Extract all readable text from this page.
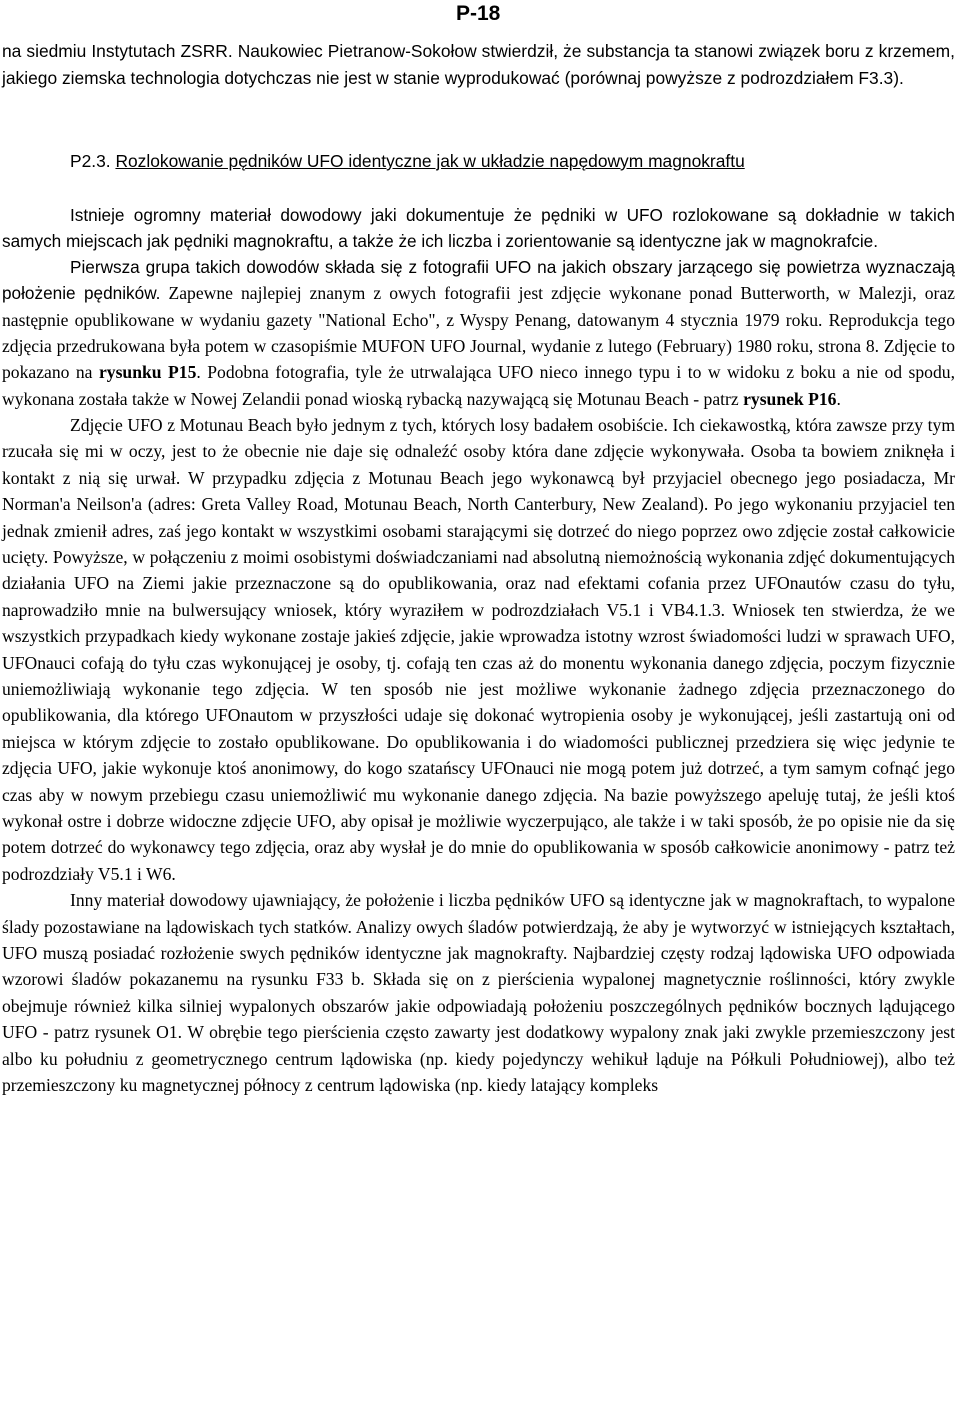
P-18
na siedmiu Instytutach ZSRR. Naukowiec Pietranow-Sokołow stwierdził, że substancja ta stanowi związek boru z krzemem, jakiego ziemska technologia dotychczas nie jest w stanie wyprodukować (porównaj powyższe z podrozdziałem F3.3).
P2.3. Rozlokowanie pędników UFO identyczne jak w układzie napędowym magnokraftu
Istnieje ogromny materiał dowodowy jaki dokumentuje że pędniki w UFO rozlokowane są dokładnie w takich samych miejscach jak pędniki magnokraftu, a także że ich liczba i zorientowanie są identyczne jak w magnokrafcie.

Pierwsza grupa takich dowodów składa się z fotografii UFO na jakich obszary jarzącego się powietrza wyznaczają położenie pędników. Zapewne najlepiej znanym z owych fotografii jest zdjęcie wykonane ponad Butterworth, w Malezji, oraz następnie opublikowane w wydaniu gazety "National Echo", z Wyspy Penang, datowanym 4 stycznia 1979 roku. Reprodukcja tego zdjęcia przedrukowana była potem w czasopiśmie MUFON UFO Journal, wydanie z lutego (February) 1980 roku, strona 8. Zdjęcie to pokazano na rysunku P15. Podobna fotografia, tyle że utrwalająca UFO nieco innego typu i to w widoku z boku a nie od spodu, wykonana została także w Nowej Zelandii ponad wioską rybacką nazywającą się Motunau Beach - patrz rysunek P16.

Zdjęcie UFO z Motunau Beach było jednym z tych, których losy badałem osobiście. Ich ciekawostką, która zawsze przy tym rzucała się mi w oczy, jest to że obecnie nie daje się odnaleźć osoby która dane zdjęcie wykonywała. Osoba ta bowiem zniknęła i kontakt z nią się urwał. W przypadku zdjęcia z Motunau Beach jego wykonawcą był przyjaciel obecnego jego posiadacza, Mr Norman'a Neilson'a (adres: Greta Valley Road, Motunau Beach, North Canterbury, New Zealand). Po jego wykonaniu przyjaciel ten jednak zmienił adres, zaś jego kontakt w wszystkimi osobami starającymi się dotrzeć do niego poprzez owo zdjęcie został całkowicie ucięty. Powyższe, w połączeniu z moimi osobistymi doświadczaniami nad absolutną niemożnością wykonania zdjęć dokumentujących działania UFO na Ziemi jakie przeznaczone są do opublikowania, oraz nad efektami cofania przez UFOnautów czasu do tyłu, naprowadziło mnie na bulwersujący wniosek, który wyraziłem w podrozdziałach V5.1 i VB4.1.3. Wniosek ten stwierdza, że we wszystkich przypadkach kiedy wykonane zostaje jakieś zdjęcie, jakie wprowadza istotny wzrost świadomości ludzi w sprawach UFO, UFOnauci cofają do tyłu czas wykonującej je osoby, tj. cofają ten czas aż do monentu wykonania danego zdjęcia, poczym fizycznie uniemożliwiają wykonanie tego zdjęcia. W ten sposób nie jest możliwe wykonanie żadnego zdjęcia przeznaczonego do opublikowania, dla którego UFOnautom w przyszłości udaje się dokonać wytropienia osoby je wykonującej, jeśli zastartują oni od miejsca w którym zdjęcie to zostało opublikowane. Do opublikowania i do wiadomości publicznej przedziera się więc jedynie te zdjęcia UFO, jakie wykonuje ktoś anonimowy, do kogo szatańscy UFOnauci nie mogą potem już dotrzeć, a tym samym cofnąć jego czas aby w nowym przebiegu czasu uniemożliwić mu wykonanie danego zdjęcia. Na bazie powyższego apeluję tutaj, że jeśli ktoś wykonał ostre i dobrze widoczne zdjęcie UFO, aby opisał je możliwie wyczerpująco, ale także i w taki sposób, że po opisie nie da się potem dotrzeć do wykonawcy tego zdjęcia, oraz aby wysłał je do mnie do opublikowania w sposób całkowicie anonimowy - patrz też podrozdziały V5.1 i W6.

Inny materiał dowodowy ujawniający, że położenie i liczba pędników UFO są identyczne jak w magnokraftach, to wypalone ślady pozostawiane na lądowiskach tych statków. Analizy owych śladów potwierdzają, że aby je wytworzyć w istniejących kształtach, UFO muszą posiadać rozłożenie swych pędników identyczne jak magnokrafty. Najbardziej częsty rodzaj lądowiska UFO odpowiada wzorowi śladów pokazanemu na rysunku F33 b. Składa się on z pierścienia wypalonej magnetycznie roślinności, który zwykle obejmuje również kilka silniej wypalonych obszarów jakie odpowiadają położeniu poszczególnych pędników bocznych lądującego UFO - patrz rysunek O1. W obrębie tego pierścienia często zawarty jest dodatkowy wypalony znak jaki zwykle przemieszczony jest albo ku południu z geometrycznego centrum lądowiska (np. kiedy pojedynczy wehikuł ląduje na Półkuli Południowej), albo też przemieszczony ku magnetycznej północy z centrum lądowiska (np. kiedy latający kompleks
